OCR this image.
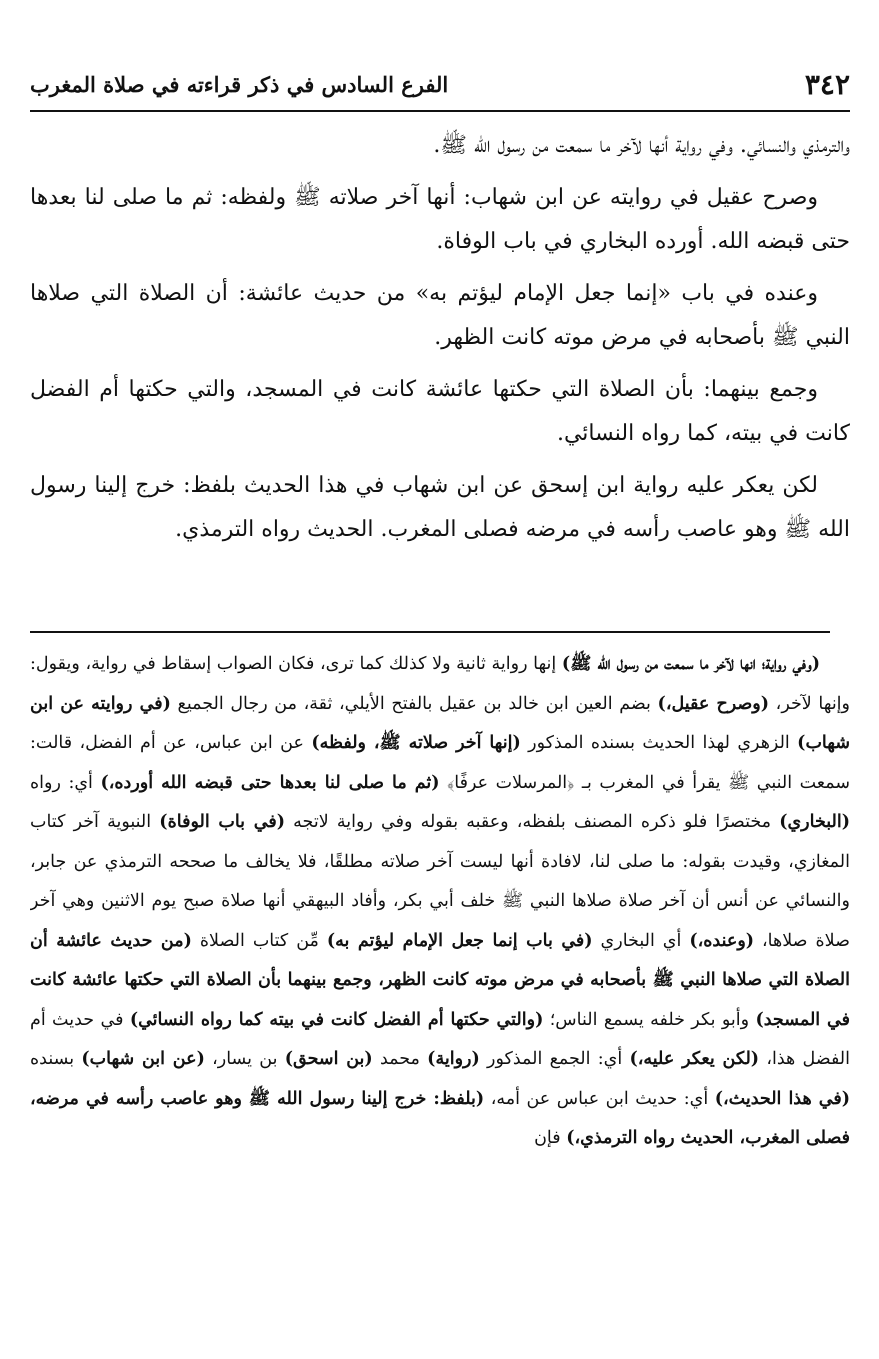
٣٤٢
الفرع السادس في ذكر قراءته في صلاة المغرب

والترمذي والنسائي. وفي رواية أنها لآخر ما سمعت من رسول الله ﷺ.

وصرح عقيل في روايته عن ابن شهاب: أنها آخر صلاته ﷺ ولفظه: ثم ما صلى لنا بعدها حتى قبضه الله. أورده البخاري في باب الوفاة.

وعنده في باب «إنما جعل الإمام ليؤتم به» من حديث عائشة: أن الصلاة التي صلاها النبي ﷺ بأصحابه في مرض موته كانت الظهر.

وجمع بينهما: بأن الصلاة التي حكتها عائشة كانت في المسجد، والتي حكتها أم الفضل كانت في بيته، كما رواه النسائي.

لكن يعكر عليه رواية ابن إسحق عن ابن شهاب في هذا الحديث بلفظ: خرج إلينا رسول الله ﷺ وهو عاصب رأسه في مرضه فصلى المغرب. الحديث رواه الترمذي.

(وفي رواية؛ انها لآخر ما سمعت من رسول الله ﷺ) إنها رواية ثانية ولا كذلك كما ترى، فكان الصواب إسقاط في رواية، ويقول: وإنها لآخر، (وصرح عقيل،) بضم العين ابن خالد بن عقيل بالفتح الأيلي، ثقة، من رجال الجميع (في روايته عن ابن شهاب) الزهري لهذا الحديث بسنده المذكور (إنها آخر صلاته ﷺ، ولفظه) عن ابن عباس، عن أم الفضل، قالت: سمعت النبي ﷺ يقرأ في المغرب بـ ﴿المرسلات عرفًا﴾ (ثم ما صلى لنا بعدها حتى قبضه الله أورده،) أي: رواه (البخاري) مختصرًا فلو ذكره المصنف بلفظه، وعقبه بقوله وفي رواية لاتجه (في باب الوفاة) النبوية آخر كتاب المغازي، وقيدت بقوله: ما صلى لنا، لافادة أنها ليست آخر صلاته مطلقًا، فلا يخالف ما صححه الترمذي عن جابر، والنسائي عن أنس أن آخر صلاة صلاها النبي ﷺ خلف أبي بكر، وأفاد البيهقي أنها صلاة صبح يوم الاثنين وهي آخر صلاة صلاها، (وعنده،) أي البخاري (في باب إنما جعل الإمام ليؤتم به) مِّن كتاب الصلاة (من حديث عائشة أن الصلاة التي صلاها النبي ﷺ بأصحابه في مرض موته كانت الظهر، وجمع بينهما بأن الصلاة التي حكتها عائشة كانت في المسجد) وأبو بكر خلفه يسمع الناس؛ (والتي حكتها أم الفضل كانت في بيته كما رواه النسائي) في حديث أم الفضل هذا، (لكن يعكر عليه،) أي: الجمع المذكور (رواية) محمد (بن اسحق) بن يسار، (عن ابن شهاب) بسنده (في هذا الحديث،) أي: حديث ابن عباس عن أمه، (بلفظ: خرج إلينا رسول الله ﷺ وهو عاصب رأسه في مرضه، فصلى المغرب، الحديث رواه الترمذي،) فإن
